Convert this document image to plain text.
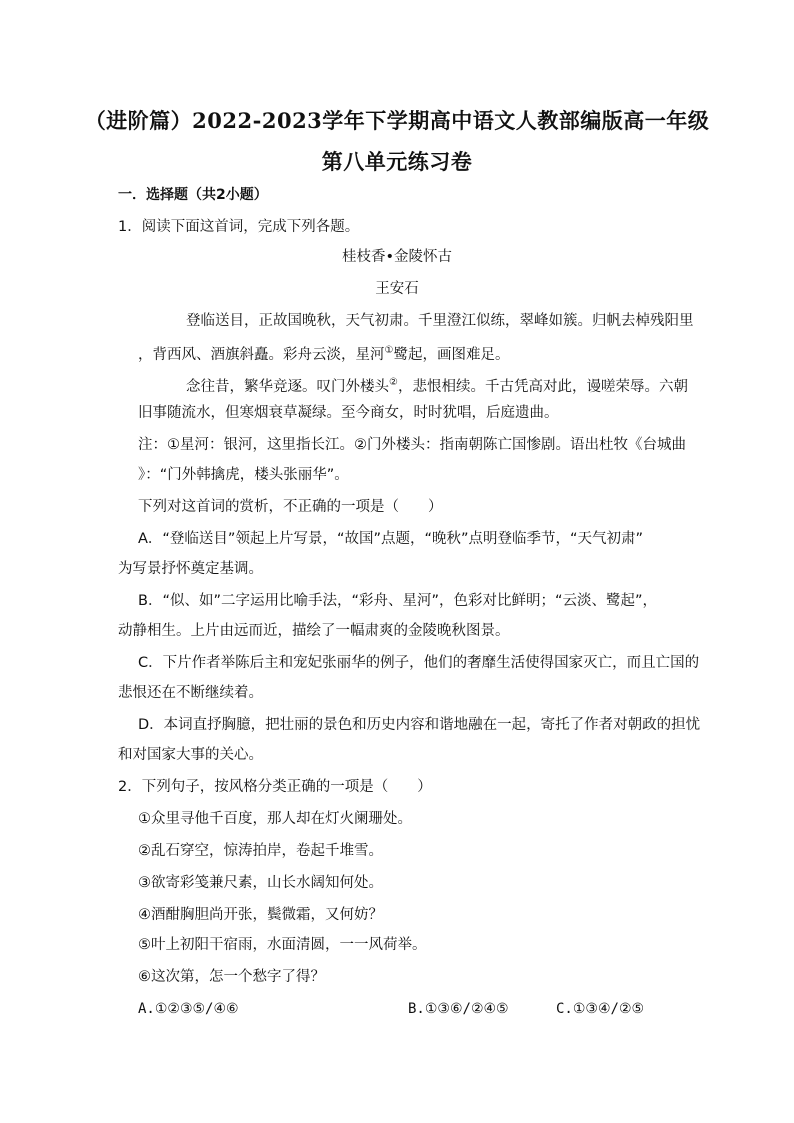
（进阶篇）2022-2023学年下学期高中语文人教部编版高一年级
第八单元练习卷
一．选择题（共2小题）
1．阅读下面这首词，完成下列各题。
桂枝香•金陵怀古
王安石
登临送目，正故国晚秋，天气初肃。千里澄江似练，翠峰如簇。归帆去棹残阳里
，背西风、酒旗斜矗。彩舟云淡，星河①鹭起，画图难足。
念往昔，繁华竞逐。叹门外楼头②，悲恨相续。千古凭高对此，谩嗟荣辱。六朝
旧事随流水，但寒烟衰草凝绿。至今商女，时时犹唱，后庭遗曲。
注：①星河：银河，这里指长江。②门外楼头：指南朝陈亡国惨剧。语出杜牧《台城曲
》：“门外韩擒虎，楼头张丽华”。
下列对这首词的赏析，不正确的一项是（　　）
A．“登临送目”领起上片写景，“故国”点题，“晚秋”点明登临季节，“天气初肃”
为写景抒怀奠定基调。
B．“似、如”二字运用比喻手法，“彩舟、星河”，色彩对比鲜明；“云淡、鹭起”，
动静相生。上片由远而近，描绘了一幅肃爽的金陵晚秋图景。
C．下片作者举陈后主和宠妃张丽华的例子，他们的奢靡生活使得国家灭亡，而且亡国的
悲恨还在不断继续着。
D．本词直抒胸臆，把壮丽的景色和历史内容和谐地融在一起，寄托了作者对朝政的担忧
和对国家大事的关心。
2．下列句子，按风格分类正确的一项是（　　）
①众里寻他千百度，那人却在灯火阑珊处。
②乱石穿空，惊涛拍岸，卷起千堆雪。
③欲寄彩笺兼尺素，山长水阔知何处。
④酒酣胸胆尚开张，鬓微霜，又何妨？
⑤叶上初阳干宿雨，水面清圆，一一风荷举。
⑥这次第，怎一个愁字了得？
A.①②③⑤/④⑥	B.①③⑥/②④⑤	C.①③④/②⑤
